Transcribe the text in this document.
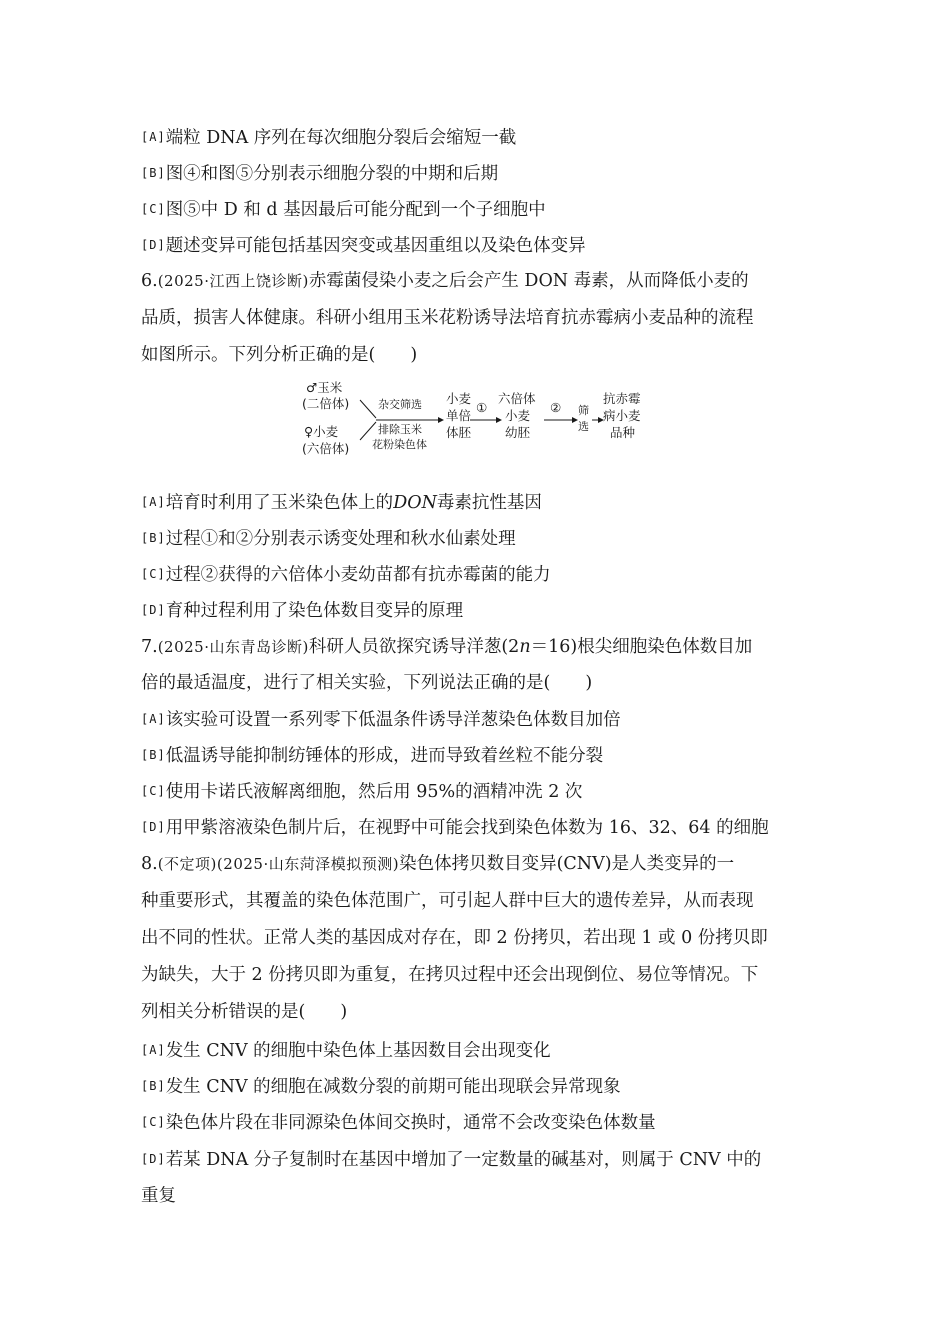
[A]端粒 DNA 序列在每次细胞分裂后会缩短一截
[B]图④和图⑤分别表示细胞分裂的中期和后期
[C]图⑤中 D 和 d 基因最后可能分配到一个子细胞中
[D]题述变异可能包括基因突变或基因重组以及染色体变异
6.(2025·江西上饶诊断)赤霉菌侵染小麦之后会产生 DON 毒素，从而降低小麦的
品质，损害人体健康。科研小组用玉米花粉诱导法培育抗赤霉病小麦品种的流程
如图所示。下列分析正确的是(　　)
♂玉米
(二倍体)
♀小麦
(六倍体)
杂交筛选
排除玉米
花粉染色体
小麦
单倍
体胚
①
六倍体
小麦
幼胚
② 筛
选
抗赤霉
病小麦
品种
[A]培育时利用了玉米染色体上的DON毒素抗性基因
[B]过程①和②分别表示诱变处理和秋水仙素处理
[C]过程②获得的六倍体小麦幼苗都有抗赤霉菌的能力
[D]育种过程利用了染色体数目变异的原理
7.(2025·山东青岛诊断)科研人员欲探究诱导洋葱(2n＝16)根尖细胞染色体数目加
倍的最适温度，进行了相关实验，下列说法正确的是(　　)
[A]该实验可设置一系列零下低温条件诱导洋葱染色体数目加倍
[B]低温诱导能抑制纺锤体的形成，进而导致着丝粒不能分裂
[C]使用卡诺氏液解离细胞，然后用 95%的酒精冲洗 2 次
[D]用甲紫溶液染色制片后，在视野中可能会找到染色体数为 16、32、64 的细胞
8.(不定项)(2025·山东菏泽模拟预测)染色体拷贝数目变异(CNV)是人类变异的一
种重要形式，其覆盖的染色体范围广，可引起人群中巨大的遗传差异，从而表现
出不同的性状。正常人类的基因成对存在，即 2 份拷贝，若出现 1 或 0 份拷贝即
为缺失，大于 2 份拷贝即为重复，在拷贝过程中还会出现倒位、易位等情况。下
列相关分析错误的是(　　)
[A]发生 CNV 的细胞中染色体上基因数目会出现变化
[B]发生 CNV 的细胞在减数分裂的前期可能出现联会异常现象
[C]染色体片段在非同源染色体间交换时，通常不会改变染色体数量
[D]若某 DNA 分子复制时在基因中增加了一定数量的碱基对，则属于 CNV 中的
重复
